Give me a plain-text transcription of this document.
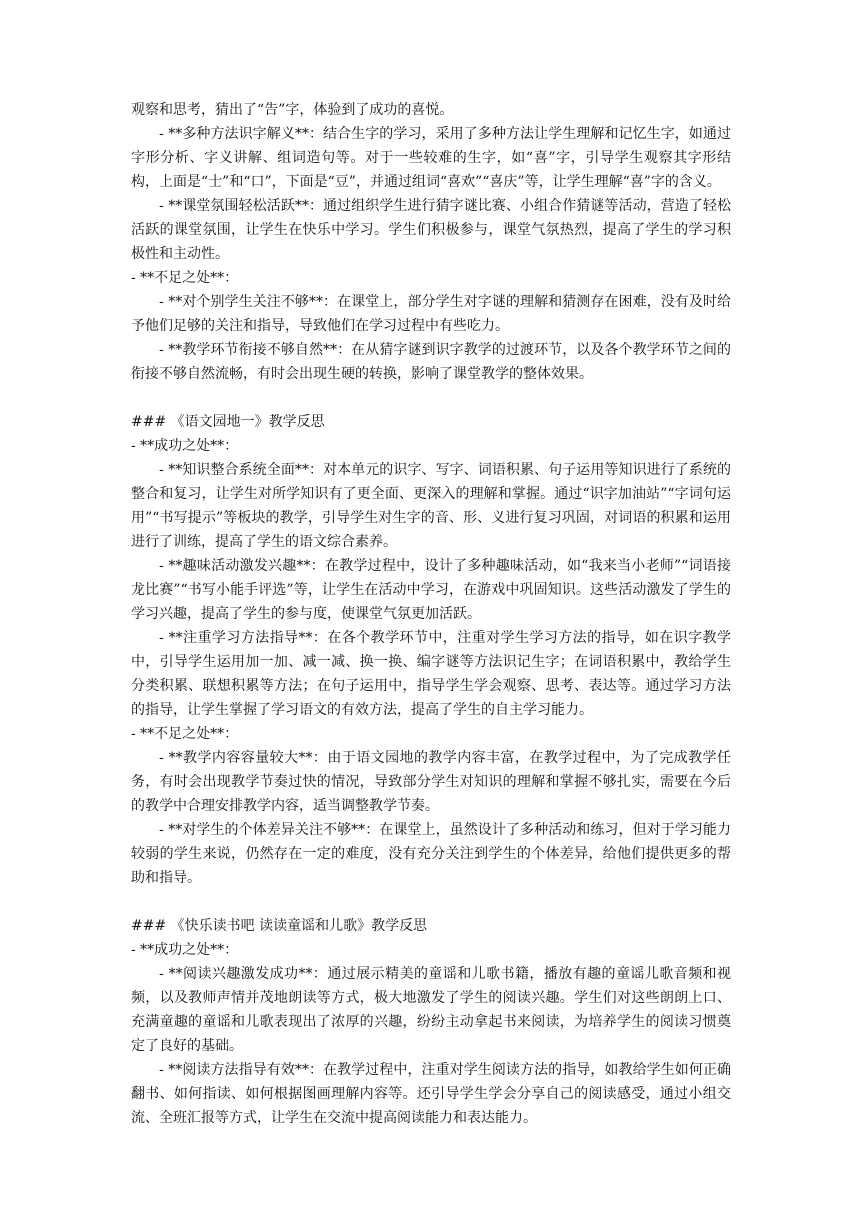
观察和思考，猜出了“告”字，体验到了成功的喜悦。

- **多种方法识字解义**：结合生字的学习，采用了多种方法让学生理解和记忆生字，如通过字形分析、字义讲解、组词造句等。对于一些较难的生字，如“喜”字，引导学生观察其字形结构，上面是“士”和“口”，下面是“豆”，并通过组词“喜欢”“喜庆”等，让学生理解“喜”字的含义。

- **课堂氛围轻松活跃**：通过组织学生进行猜字谜比赛、小组合作猜谜等活动，营造了轻松活跃的课堂氛围，让学生在快乐中学习。学生们积极参与，课堂气氛热烈，提高了学生的学习积极性和主动性。

- **不足之处**：

- **对个别学生关注不够**：在课堂上，部分学生对字谜的理解和猜测存在困难，没有及时给予他们足够的关注和指导，导致他们在学习过程中有些吃力。

- **教学环节衔接不够自然**：在从猜字谜到识字教学的过渡环节，以及各个教学环节之间的衔接不够自然流畅，有时会出现生硬的转换，影响了课堂教学的整体效果。

### 《语文园地一》教学反思

- **成功之处**：

- **知识整合系统全面**：对本单元的识字、写字、词语积累、句子运用等知识进行了系统的整合和复习，让学生对所学知识有了更全面、更深入的理解和掌握。通过“识字加油站”“字词句运用”“书写提示”等板块的教学，引导学生对生字的音、形、义进行复习巩固，对词语的积累和运用进行了训练，提高了学生的语文综合素养。

- **趣味活动激发兴趣**：在教学过程中，设计了多种趣味活动，如“我来当小老师”“词语接龙比赛”“书写小能手评选”等，让学生在活动中学习，在游戏中巩固知识。这些活动激发了学生的学习兴趣，提高了学生的参与度，使课堂气氛更加活跃。

- **注重学习方法指导**：在各个教学环节中，注重对学生学习方法的指导，如在识字教学中，引导学生运用加一加、减一减、换一换、编字谜等方法识记生字；在词语积累中，教给学生分类积累、联想积累等方法；在句子运用中，指导学生学会观察、思考、表达等。通过学习方法的指导，让学生掌握了学习语文的有效方法，提高了学生的自主学习能力。

- **不足之处**：

- **教学内容容量较大**：由于语文园地的教学内容丰富，在教学过程中，为了完成教学任务，有时会出现教学节奏过快的情况，导致部分学生对知识的理解和掌握不够扎实，需要在今后的教学中合理安排教学内容，适当调整教学节奏。

- **对学生的个体差异关注不够**：在课堂上，虽然设计了多种活动和练习，但对于学习能力较弱的学生来说，仍然存在一定的难度，没有充分关注到学生的个体差异，给他们提供更多的帮助和指导。

### 《快乐读书吧 读读童谣和儿歌》教学反思

- **成功之处**：

- **阅读兴趣激发成功**：通过展示精美的童谣和儿歌书籍，播放有趣的童谣儿歌音频和视频，以及教师声情并茂地朗读等方式，极大地激发了学生的阅读兴趣。学生们对这些朗朗上口、充满童趣的童谣和儿歌表现出了浓厚的兴趣，纷纷主动拿起书来阅读，为培养学生的阅读习惯奠定了良好的基础。

- **阅读方法指导有效**：在教学过程中，注重对学生阅读方法的指导，如教给学生如何正确翻书、如何指读、如何根据图画理解内容等。还引导学生学会分享自己的阅读感受，通过小组交流、全班汇报等方式，让学生在交流中提高阅读能力和表达能力。
